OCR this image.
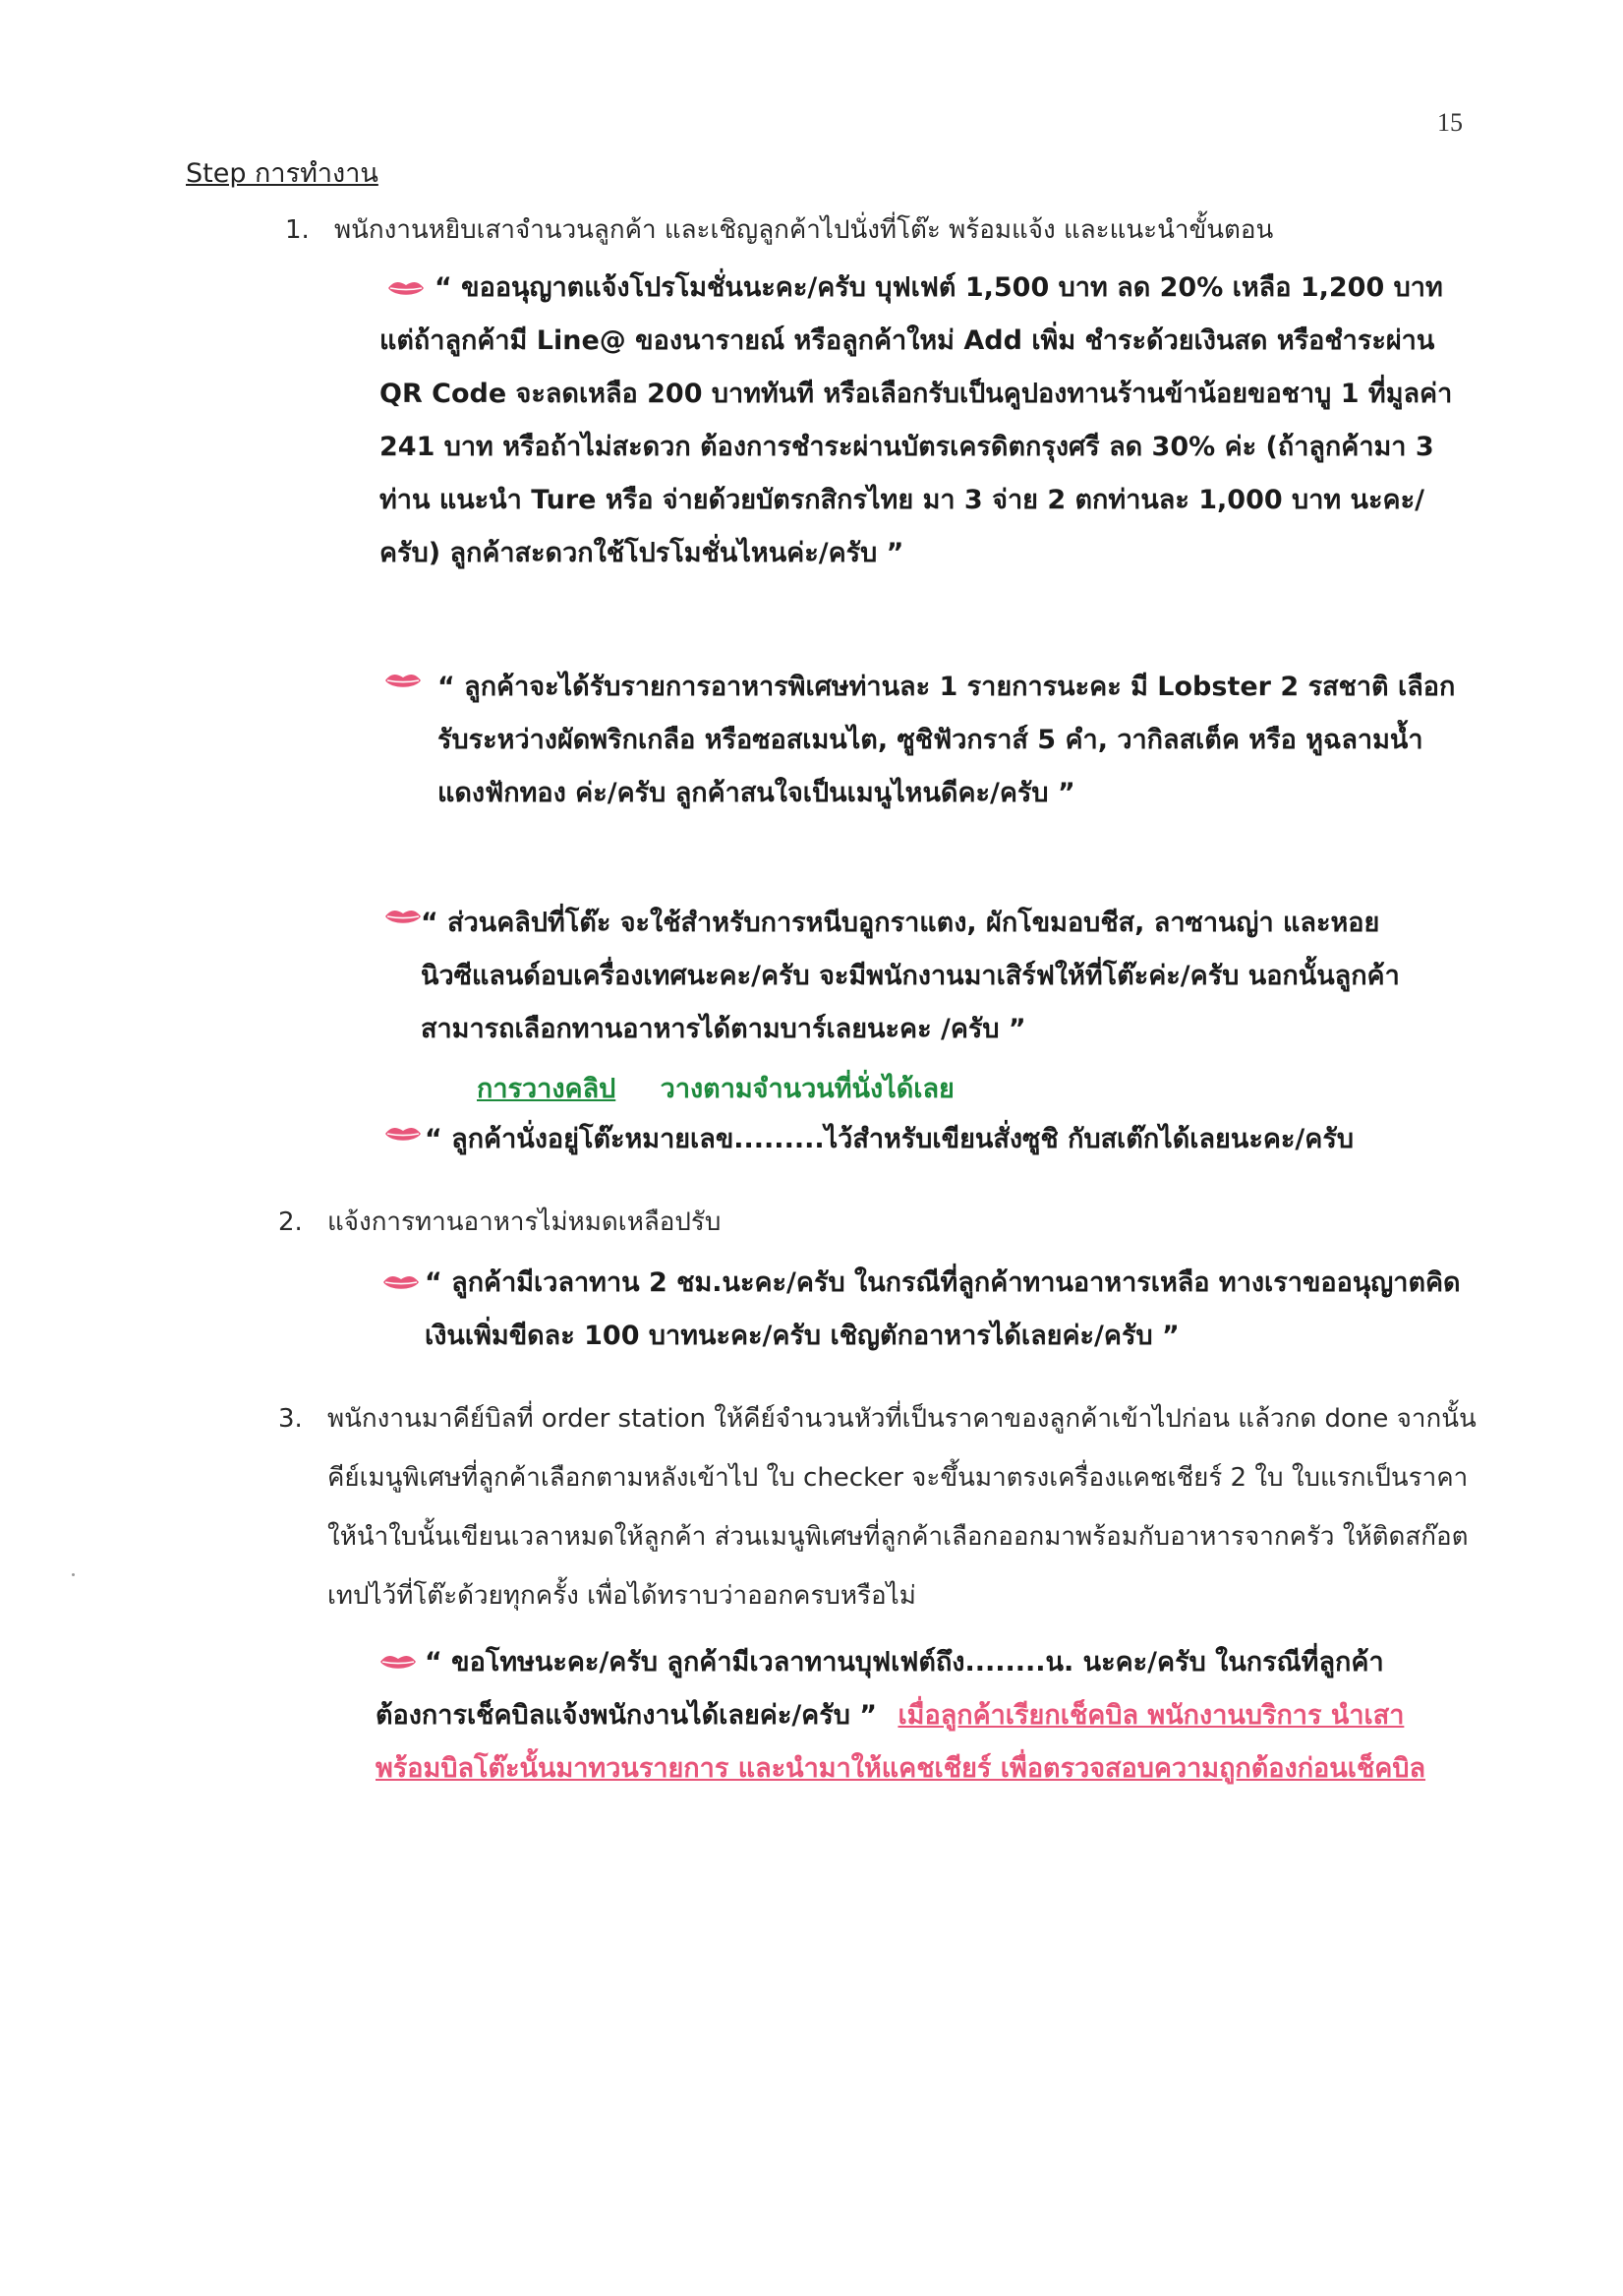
15
Step การทำงาน
1. พนักงานหยิบเสาจำนวนลูกค้า และเชิญลูกค้าไปนั่งที่โต๊ะ พร้อมแจ้ง และแนะนำขั้นตอน
“ ขออนุญาตแจ้งโปรโมชั่นนะคะ/ครับ บุฟเฟต์ 1,500 บาท ลด 20% เหลือ 1,200 บาท แต่ถ้าลูกค้ามี Line@ ของนารายณ์ หรือลูกค้าใหม่ Add เพิ่ม ชำระด้วยเงินสด หรือชำระผ่าน QR Code จะลดเหลือ 200 บาททันที หรือเลือกรับเป็นคูปองทานร้านข้าน้อยขอชาบู 1 ที่มูลค่า 241 บาท หรือถ้าไม่สะดวก ต้องการชำระผ่านบัตรเครดิตกรุงศรี ลด 30% ค่ะ (ถ้าลูกค้ามา 3 ท่าน แนะนำ Ture หรือ จ่ายด้วยบัตรกสิกรไทย มา 3 จ่าย 2 ตกท่านละ 1,000 บาท นะคะ/ครับ) ลูกค้าสะดวกใช้โปรโมชั่นไหนค่ะ/ครับ ”
“ ลูกค้าจะได้รับรายการอาหารพิเศษท่านละ 1 รายการนะคะ มี Lobster 2 รสชาติ เลือกรับระหว่างผัดพริกเกลือ หรือซอสเมนไต, ซูชิฟัวกราส์ 5 คำ, วากิลสเต็ค หรือ หูฉลามน้ำแดงฟักทอง ค่ะ/ครับ ลูกค้าสนใจเป็นเมนูไหนดีคะ/ครับ ”
“ ส่วนคลิปที่โต๊ะ จะใช้สำหรับการหนีบอูกราแตง, ผักโขมอบชีส, ลาซานญ่า และหอยนิวซีแลนด์อบเครื่องเทศนะคะ/ครับ จะมีพนักงานมาเสิร์ฟให้ที่โต๊ะค่ะ/ครับ นอกนั้นลูกค้าสามารถเลือกทานอาหารได้ตามบาร์เลยนะคะ /ครับ ”
การวางคลิป วางตามจำนวนที่นั่งได้เลย
“ ลูกค้านั่งอยู่โต๊ะหมายเลข.........ไว้สำหรับเขียนสั่งซูชิ กับสเต๊กได้เลยนะคะ/ครับ
2. แจ้งการทานอาหารไม่หมดเหลือปรับ
“ ลูกค้ามีเวลาทาน 2 ชม.นะคะ/ครับ ในกรณีที่ลูกค้าทานอาหารเหลือ ทางเราขออนุญาตคิดเงินเพิ่มขีดละ 100 บาทนะคะ/ครับ เชิญตักอาหารได้เลยค่ะ/ครับ ”
3. พนักงานมาคีย์บิลที่ order station ให้คีย์จำนวนหัวที่เป็นราคาของลูกค้าเข้าไปก่อน แล้วกด done จากนั้นคีย์เมนูพิเศษที่ลูกค้าเลือกตามหลังเข้าไป ใบ checker จะขึ้นมาตรงเครื่องแคชเชียร์ 2 ใบ ใบแรกเป็นราคาให้นำใบนั้นเขียนเวลาหมดให้ลูกค้า ส่วนเมนูพิเศษที่ลูกค้าเลือกออกมาพร้อมกับอาหารจากครัว ให้ติดสก๊อตเทปไว้ที่โต๊ะด้วยทุกครั้ง เพื่อได้ทราบว่าออกครบหรือไม่
“ ขอโทษนะคะ/ครับ ลูกค้ามีเวลาทานบุฟเฟต์ถึง........น. นะคะ/ครับ ในกรณีที่ลูกค้าต้องการเช็คบิลแจ้งพนักงานได้เลยค่ะ/ครับ ” เมื่อลูกค้าเรียกเช็คบิล พนักงานบริการ นำเสาพร้อมบิลโต๊ะนั้นมาทวนรายการ และนำมาให้แคชเชียร์ เพื่อตรวจสอบความถูกต้องก่อนเช็คบิล
